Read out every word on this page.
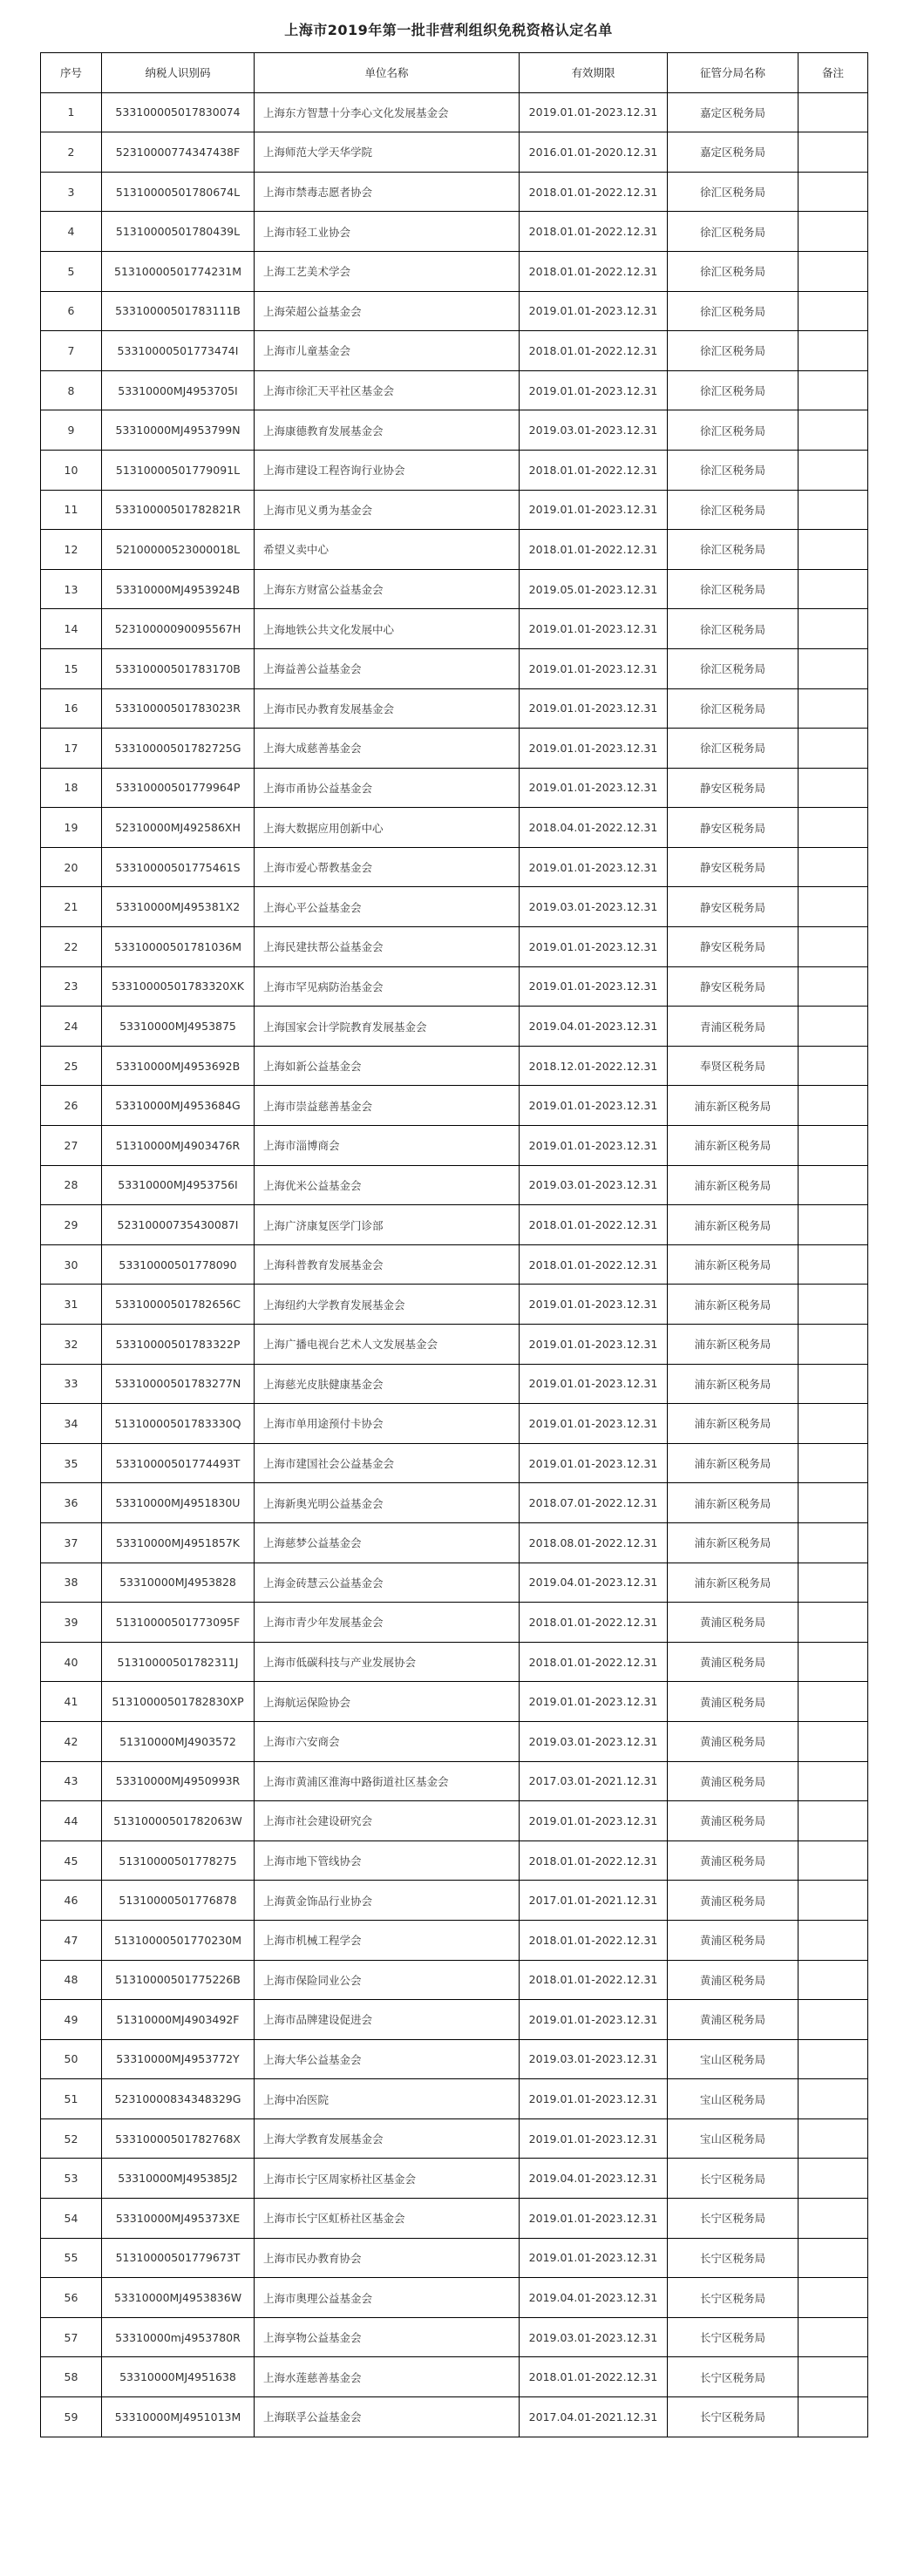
上海市2019年第一批非营利组织免税资格认定名单
序号	纳税人识别码	单位名称	有效期限	征管分局名称	备注
1	53310000501783007‍4	上海东方智慧十分李心文化发展基金会	2019.01.01-2023.12.31	嘉定区税务局	
2	52310000774347438F	上海师范大学天华学院	2016.01.01-2020.12.31	嘉定区税务局	
3	51310000501780674L	上海市禁毒志愿者协会	2018.01.01-2022.12.31	徐汇区税务局	
4	51310000501780439L	上海市轻工业协会	2018.01.01-2022.12.31	徐汇区税务局	
5	51310000501774231M	上海工艺美术学会	2018.01.01-2022.12.31	徐汇区税务局	
6	53310000501783111B	上海荣超公益基金会	2019.01.01-2023.12.31	徐汇区税务局	
7	53310000501773474I	上海市儿童基金会	2018.01.01-2022.12.31	徐汇区税务局	
8	53310000MJ4953705I	上海市徐汇天平社区基金会	2019.01.01-2023.12.31	徐汇区税务局	
9	53310000MJ4953799N	上海康德教育发展基金会	2019.03.01-2023.12.31	徐汇区税务局	
10	51310000501779091L	上海市建设工程咨询行业协会	2018.01.01-2022.12.31	徐汇区税务局	
11	53310000501782821R	上海市见义勇为基金会	2019.01.01-2023.12.31	徐汇区税务局	
12	52100000523000018L	希望义卖中心	2018.01.01-2022.12.31	徐汇区税务局	
13	53310000MJ4953924B	上海东方财富公益基金会	2019.05.01-2023.12.31	徐汇区税务局	
14	52310000090095567H	上海地铁公共文化发展中心	2019.01.01-2023.12.31	徐汇区税务局	
15	53310000501783170B	上海益善公益基金会	2019.01.01-2023.12.31	徐汇区税务局	
16	53310000501783023R	上海市民办教育发展基金会	2019.01.01-2023.12.31	徐汇区税务局	
17	53310000501782725G	上海大成慈善基金会	2019.01.01-2023.12.31	徐汇区税务局	
18	53310000501779964P	上海市甬协公益基金会	2019.01.01-2023.12.31	静安区税务局	
19	52310000MJ492586XH	上海大数据应用创新中心	2018.04.01-2022.12.31	静安区税务局	
20	53310000501775461S	上海市爱心帮教基金会	2019.01.01-2023.12.31	静安区税务局	
21	53310000MJ495381X2	上海心平公益基金会	2019.03.01-2023.12.31	静安区税务局	
22	53310000501781036M	上海民建扶帮公益基金会	2019.01.01-2023.12.31	静安区税务局	
23	53310000501783320XK	上海市罕见病防治基金会	2019.01.01-2023.12.31	静安区税务局	
24	53310000MJ4953875	上海国家会计学院教育发展基金会	2019.04.01-2023.12.31	青浦区税务局	
25	53310000MJ4953692B	上海如新公益基金会	2018.12.01-2022.12.31	奉贤区税务局	
26	53310000MJ4953684G	上海市崇益慈善基金会	2019.01.01-2023.12.31	浦东新区税务局	
27	51310000MJ4903476R	上海市淄博商会	2019.01.01-2023.12.31	浦东新区税务局	
28	53310000MJ4953756I	上海优米公益基金会	2019.03.01-2023.12.31	浦东新区税务局	
29	52310000735430087I	上海广济康复医学门诊部	2018.01.01-2022.12.31	浦东新区税务局	
30	53310000501778090	上海科普教育发展基金会	2018.01.01-2022.12.31	浦东新区税务局	
31	53310000501782656C	上海纽约大学教育发展基金会	2019.01.01-2023.12.31	浦东新区税务局	
32	53310000501783322P	上海广播电视台艺术人文发展基金会	2019.01.01-2023.12.31	浦东新区税务局	
33	53310000501783277N	上海慈光皮肤健康基金会	2019.01.01-2023.12.31	浦东新区税务局	
34	51310000501783330Q	上海市单用途预付卡协会	2019.01.01-2023.12.31	浦东新区税务局	
35	53310000501774493T	上海市建国社会公益基金会	2019.01.01-2023.12.31	浦东新区税务局	
36	53310000MJ4951830U	上海新奥光明公益基金会	2018.07.01-2022.12.31	浦东新区税务局	
37	53310000MJ4951857K	上海慈梦公益基金会	2018.08.01-2022.12.31	浦东新区税务局	
38	53310000MJ4953828	上海金砖慧云公益基金会	2019.04.01-2023.12.31	浦东新区税务局	
39	51310000501773095F	上海市青少年发展基金会	2018.01.01-2022.12.31	黄浦区税务局	
40	51310000501782311J	上海市低碳科技与产业发展协会	2018.01.01-2022.12.31	黄浦区税务局	
41	51310000501782830XP	上海航运保险协会	2019.01.01-2023.12.31	黄浦区税务局	
42	51310000MJ4903572	上海市六安商会	2019.03.01-2023.12.31	黄浦区税务局	
43	53310000MJ4950993R	上海市黄浦区淮海中路街道社区基金会	2017.03.01-2021.12.31	黄浦区税务局	
44	51310000501782063W	上海市社会建设研究会	2019.01.01-2023.12.31	黄浦区税务局	
45	51310000501778275	上海市地下管线协会	2018.01.01-2022.12.31	黄浦区税务局	
46	51310000501776878	上海黄金饰品行业协会	2017.01.01-2021.12.31	黄浦区税务局	
47	51310000501770230M	上海市机械工程学会	2018.01.01-2022.12.31	黄浦区税务局	
48	51310000501775226B	上海市保险同业公会	2018.01.01-2022.12.31	黄浦区税务局	
49	51310000MJ4903492F	上海市品牌建设促进会	2019.01.01-2023.12.31	黄浦区税务局	
50	53310000MJ4953772Y	上海大华公益基金会	2019.03.01-2023.12.31	宝山区税务局	
51	52310000834348329G	上海中冶医院	2019.01.01-2023.12.31	宝山区税务局	
52	53310000501782768X	上海大学教育发展基金会	2019.01.01-2023.12.31	宝山区税务局	
53	53310000MJ495385J2	上海市长宁区周家桥社区基金会	2019.04.01-2023.12.31	长宁区税务局	
54	53310000MJ495373XE	上海市长宁区虹桥社区基金会	2019.01.01-2023.12.31	长宁区税务局	
55	51310000501779673T	上海市民办教育协会	2019.01.01-2023.12.31	长宁区税务局	
56	53310000MJ4953836W	上海市奥理公益基金会	2019.04.01-2023.12.31	长宁区税务局	
57	53310000mj4953780R	上海享物公益基金会	2019.03.01-2023.12.31	长宁区税务局	
58	53310000MJ4951638	上海水莲慈善基金会	2018.01.01-2022.12.31	长宁区税务局	
59	53310000MJ4951013M	上海联孚公益基金会	2017.04.01-2021.12.31	长宁区税务局	
